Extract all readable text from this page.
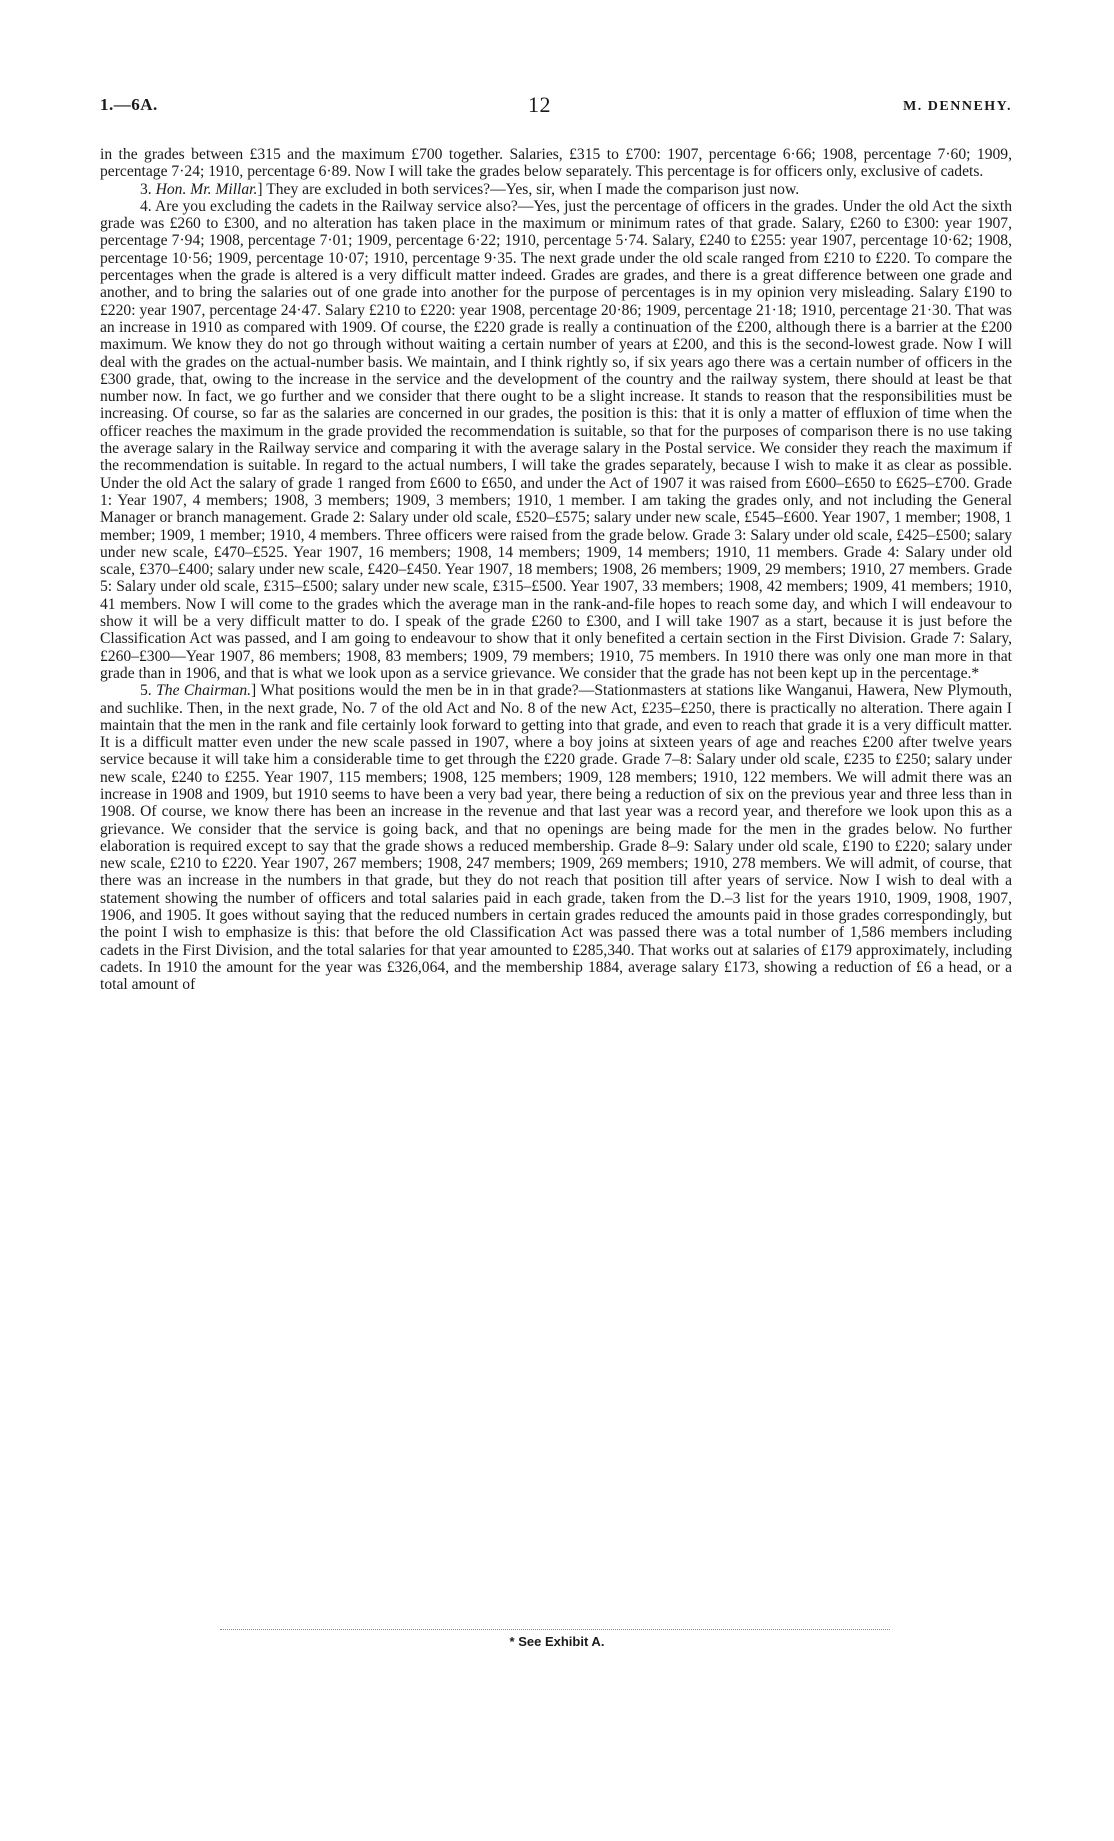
1.—6A.	12	M. DENNEHY.

in the grades between £315 and the maximum £700 together. Salaries, £315 to £700: 1907, percentage 6·66; 1908, percentage 7·60; 1909, percentage 7·24; 1910, percentage 6·89. Now I will take the grades below separately. This percentage is for officers only, exclusive of cadets.

3. Hon. Mr. Millar.] They are excluded in both services?—Yes, sir, when I made the comparison just now.

4. Are you excluding the cadets in the Railway service also?—Yes, just the percentage of officers in the grades. Under the old Act the sixth grade was £260 to £300, and no alteration has taken place in the maximum or minimum rates of that grade. Salary, £260 to £300: year 1907, percentage 7·94; 1908, percentage 7·01; 1909, percentage 6·22; 1910, percentage 5·74. Salary, £240 to £255: year 1907, percentage 10·62; 1908, percentage 10·56; 1909, percentage 10·07; 1910, percentage 9·35. The next grade under the old scale ranged from £210 to £220. To compare the percentages when the grade is altered is a very difficult matter indeed. Grades are grades, and there is a great difference between one grade and another, and to bring the salaries out of one grade into another for the purpose of percentages is in my opinion very misleading. Salary £190 to £220: year 1907, percentage 24·47. Salary £210 to £220: year 1908, percentage 20·86; 1909, percentage 21·18; 1910, percentage 21·30. That was an increase in 1910 as compared with 1909. Of course, the £220 grade is really a continuation of the £200, although there is a barrier at the £200 maximum. We know they do not go through without waiting a certain number of years at £200, and this is the second-lowest grade. Now I will deal with the grades on the actual-number basis. We maintain, and I think rightly so, if six years ago there was a certain number of officers in the £300 grade, that, owing to the increase in the service and the development of the country and the railway system, there should at least be that number now. In fact, we go further and we consider that there ought to be a slight increase. It stands to reason that the responsibilities must be increasing. Of course, so far as the salaries are concerned in our grades, the position is this: that it is only a matter of effluxion of time when the officer reaches the maximum in the grade provided the recommendation is suitable, so that for the purposes of comparison there is no use taking the average salary in the Railway service and comparing it with the average salary in the Postal service. We consider they reach the maximum if the recommendation is suitable. In regard to the actual numbers, I will take the grades separately, because I wish to make it as clear as possible. Under the old Act the salary of grade 1 ranged from £600 to £650, and under the Act of 1907 it was raised from £600–£650 to £625–£700. Grade 1: Year 1907, 4 members; 1908, 3 members; 1909, 3 members; 1910, 1 member. I am taking the grades only, and not including the General Manager or branch management. Grade 2: Salary under old scale, £520–£575; salary under new scale, £545–£600. Year 1907, 1 member; 1908, 1 member; 1909, 1 member; 1910, 4 members. Three officers were raised from the grade below. Grade 3: Salary under old scale, £425–£500; salary under new scale, £470–£525. Year 1907, 16 members; 1908, 14 members; 1909, 14 members; 1910, 11 members. Grade 4: Salary under old scale, £370–£400; salary under new scale, £420–£450. Year 1907, 18 members; 1908, 26 members; 1909, 29 members; 1910, 27 members. Grade 5: Salary under old scale, £315–£500; salary under new scale, £315–£500. Year 1907, 33 members; 1908, 42 members; 1909, 41 members; 1910, 41 members. Now I will come to the grades which the average man in the rank-and-file hopes to reach some day, and which I will endeavour to show it will be a very difficult matter to do. I speak of the grade £260 to £300, and I will take 1907 as a start, because it is just before the Classification Act was passed, and I am going to endeavour to show that it only benefited a certain section in the First Division. Grade 7: Salary, £260–£300—Year 1907, 86 members; 1908, 83 members; 1909, 79 members; 1910, 75 members. In 1910 there was only one man more in that grade than in 1906, and that is what we look upon as a service grievance. We consider that the grade has not been kept up in the percentage.*

5. The Chairman.] What positions would the men be in in that grade?—Stationmasters at stations like Wanganui, Hawera, New Plymouth, and suchlike. Then, in the next grade, No. 7 of the old Act and No. 8 of the new Act, £235–£250, there is practically no alteration. There again I maintain that the men in the rank and file certainly look forward to getting into that grade, and even to reach that grade it is a very difficult matter. It is a difficult matter even under the new scale passed in 1907, where a boy joins at sixteen years of age and reaches £200 after twelve years service because it will take him a considerable time to get through the £220 grade. Grade 7–8: Salary under old scale, £235 to £250; salary under new scale, £240 to £255. Year 1907, 115 members; 1908, 125 members; 1909, 128 members; 1910, 122 members. We will admit there was an increase in 1908 and 1909, but 1910 seems to have been a very bad year, there being a reduction of six on the previous year and three less than in 1908. Of course, we know there has been an increase in the revenue and that last year was a record year, and therefore we look upon this as a grievance. We consider that the service is going back, and that no openings are being made for the men in the grades below. No further elaboration is required except to say that the grade shows a reduced membership. Grade 8–9: Salary under old scale, £190 to £220; salary under new scale, £210 to £220. Year 1907, 267 members; 1908, 247 members; 1909, 269 members; 1910, 278 members. We will admit, of course, that there was an increase in the numbers in that grade, but they do not reach that position till after years of service. Now I wish to deal with a statement showing the number of officers and total salaries paid in each grade, taken from the D.–3 list for the years 1910, 1909, 1908, 1907, 1906, and 1905. It goes without saying that the reduced numbers in certain grades reduced the amounts paid in those grades correspondingly, but the point I wish to emphasize is this: that before the old Classification Act was passed there was a total number of 1,586 members including cadets in the First Division, and the total salaries for that year amounted to £285,340. That works out at salaries of £179 approximately, including cadets. In 1910 the amount for the year was £326,064, and the membership 1884, average salary £173, showing a reduction of £6 a head, or a total amount of

* See Exhibit A.
